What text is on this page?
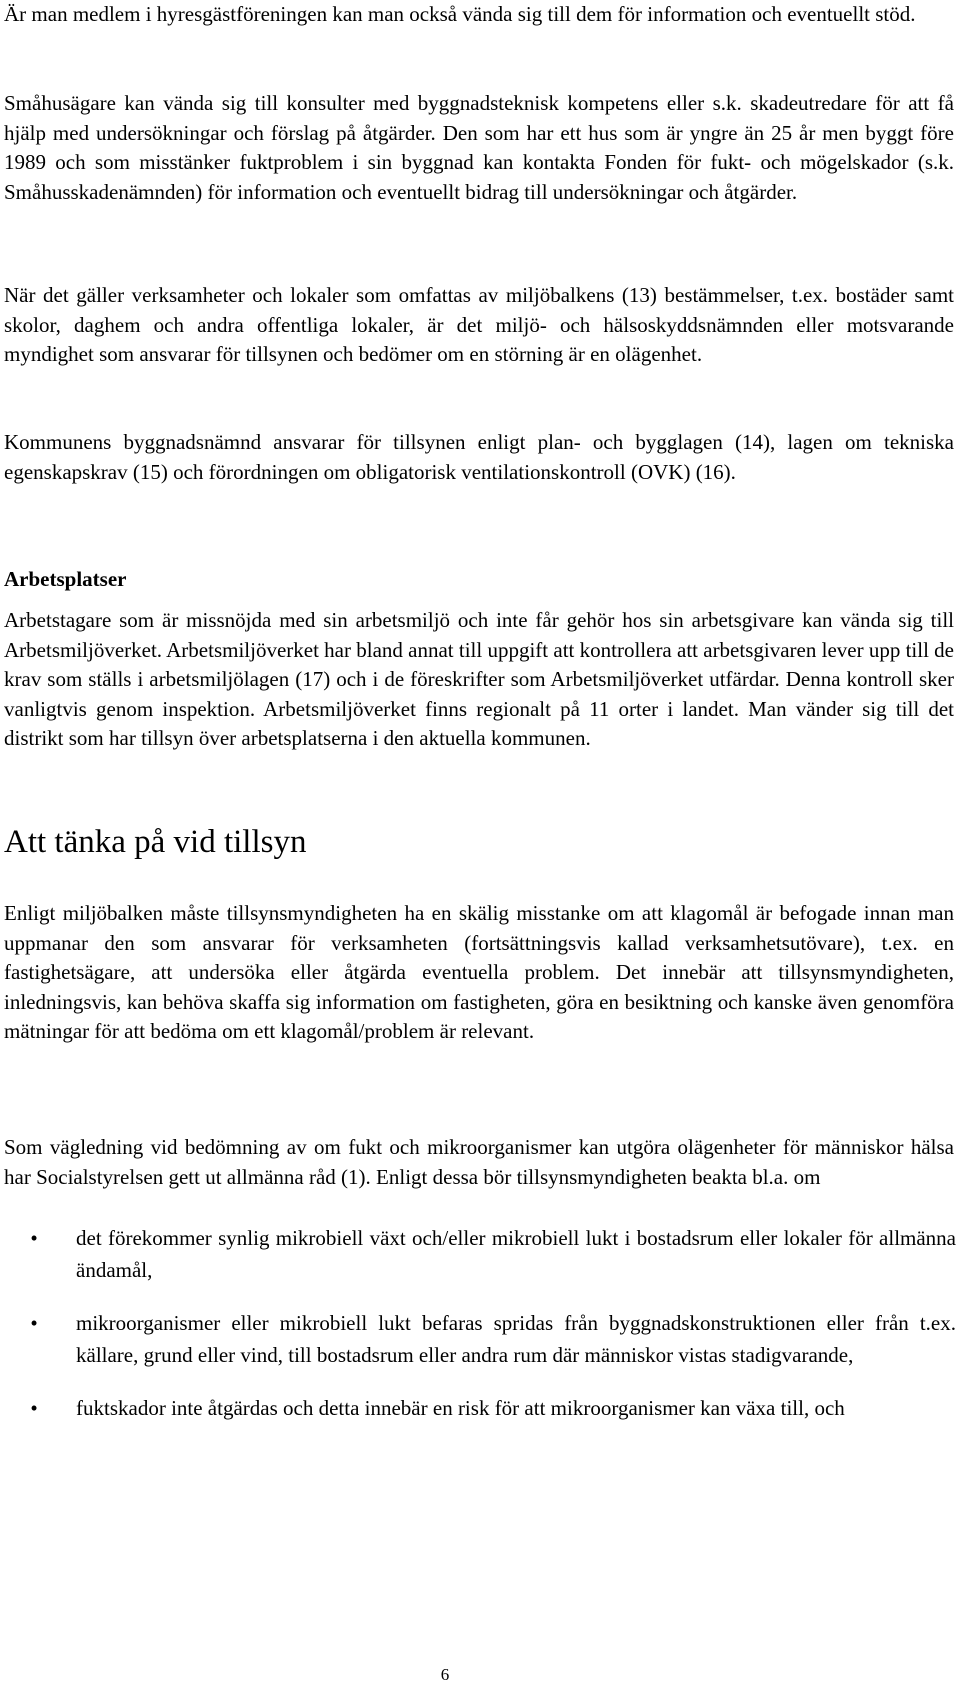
Är man medlem i hyresgästföreningen kan man också vända sig till dem för information och eventuellt stöd.

Småhusägare kan vända sig till konsulter med byggnadsteknisk kompetens eller s.k. skadeutredare för att få hjälp med undersökningar och förslag på åtgärder. Den som har ett hus som är yngre än 25 år men byggt före 1989 och som misstänker fuktproblem i sin byggnad kan kontakta Fonden för fukt- och mögelskador (s.k. Småhusskadenämnden) för information och eventuellt bidrag till undersökningar och åtgärder.

När det gäller verksamheter och lokaler som omfattas av miljöbalkens (13) bestämmelser, t.ex. bostäder samt skolor, daghem och andra offentliga lokaler, är det miljö- och hälsoskyddsnämnden eller motsvarande myndighet som ansvarar för tillsynen och bedömer om en störning är en olägenhet.

Kommunens byggnadsnämnd ansvarar för tillsynen enligt plan- och bygglagen (14), lagen om tekniska egenskapskrav (15) och förordningen om obligatorisk ventilationskontroll (OVK) (16).

Arbetsplatser

Arbetstagare som är missnöjda med sin arbetsmiljö och inte får gehör hos sin arbetsgivare kan vända sig till Arbetsmiljöverket. Arbetsmiljöverket har bland annat till uppgift att kontrollera att arbetsgivaren lever upp till de krav som ställs i arbetsmiljölagen (17) och i de föreskrifter som Arbetsmiljöverket utfärdar. Denna kontroll sker vanligtvis genom inspektion. Arbetsmiljöverket finns regionalt på 11 orter i landet. Man vänder sig till det distrikt som har tillsyn över arbetsplatserna i den aktuella kommunen.

Att tänka på vid tillsyn

Enligt miljöbalken måste tillsynsmyndigheten ha en skälig misstanke om att klagomål är befogade innan man uppmanar den som ansvarar för verksamheten (fortsättningsvis kallad verksamhetsutövare), t.ex. en fastighetsägare, att undersöka eller åtgärda eventuella problem. Det innebär att tillsynsmyndigheten, inledningsvis, kan behöva skaffa sig information om fastigheten, göra en besiktning och kanske även genomföra mätningar för att bedöma om ett klagomål/problem är relevant.

Som vägledning vid bedömning av om fukt och mikroorganismer kan utgöra olägenheter för människor hälsa har Socialstyrelsen gett ut allmänna råd (1). Enligt dessa bör tillsynsmyndigheten beakta bl.a. om

•	det förekommer synlig mikrobiell växt och/eller mikrobiell lukt i bostadsrum eller lokaler för allmänna ändamål,
•	mikroorganismer eller mikrobiell lukt befaras spridas från byggnadskonstruktionen eller från t.ex. källare, grund eller vind, till bostadsrum eller andra rum där människor vistas stadigvarande,
•	fuktskador inte åtgärdas och detta innebär en risk för att mikroorganismer kan växa till, och

6
